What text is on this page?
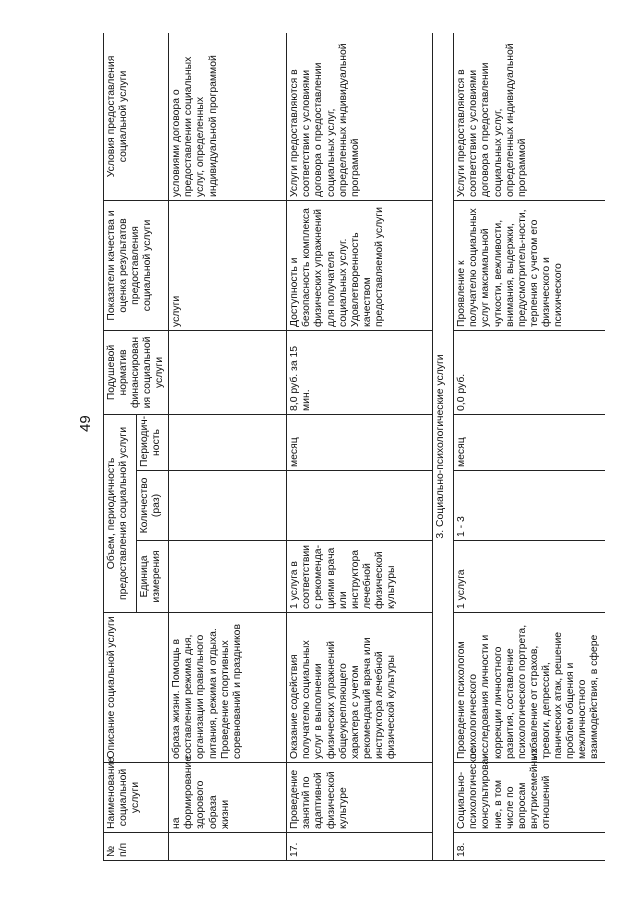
49
№ п/п	Наименование социальной услуги	Описание социальной услуги	Объем, периодичность предоставления социальной услуги			Подушевой норматив финансирован ия социальной услуги	Показатели качества и оценка результатов предоставления социальной услуги	Условия предоставления социальной услуги
			Единица измерения	Количество (раз)	Периодич-ность			
	на формирование здорового образа жизни	образа жизни. Помощь в составлении режима дня, организации правильного питания, режима и отдыха. Проведение спортивных соревнований и праздников					услуги	условиями договора о предоставлении социальных услуг, определенных индивидуальной программой
17.	Проведение занятий по адаптивной физической культуре	Оказание содействия получателю социальных услуг в выполнении физических упражнений общеукрепляющего характера с учетом рекомендаций врача или инструктора лечебной физической культуры	1 услуга в соответствии с рекоменда-циями врача или инструктора лечебной физической культуры		месяц	8,0 руб. за 15 мин.	Доступность и безопасность комплекса физических упражнений для получателя социальных услуг. Удовлетворенность качеством предоставляемой услуги	Услуги предоставляются в соответствии с условиями договора о предоставлении социальных услуг, определенных индивидуальной программой
3. Социально-психологические услуги								
18.	Социально-психологическое консультирова-ние, в том числе по вопросам внутрисемейных отношений	Проведение психологом психологического исследования личности и коррекции личностного развития, составление психологического портрета, избавление от страхов, тревоги, депрессий, панических атак, решение проблем общения и межличностного взаимодействия, в сфере	1 услуга	1 - 3	месяц	0,0 руб.	Проявление к получателю социальных услуг максимальной чуткости, вежливости, внимания, выдержки, предусмотритель-ности, терпения с учетом его физического и психического	Услуги предоставляются в соответствии с условиями договора о предоставлении социальных услуг, определенных индивидуальной программой
